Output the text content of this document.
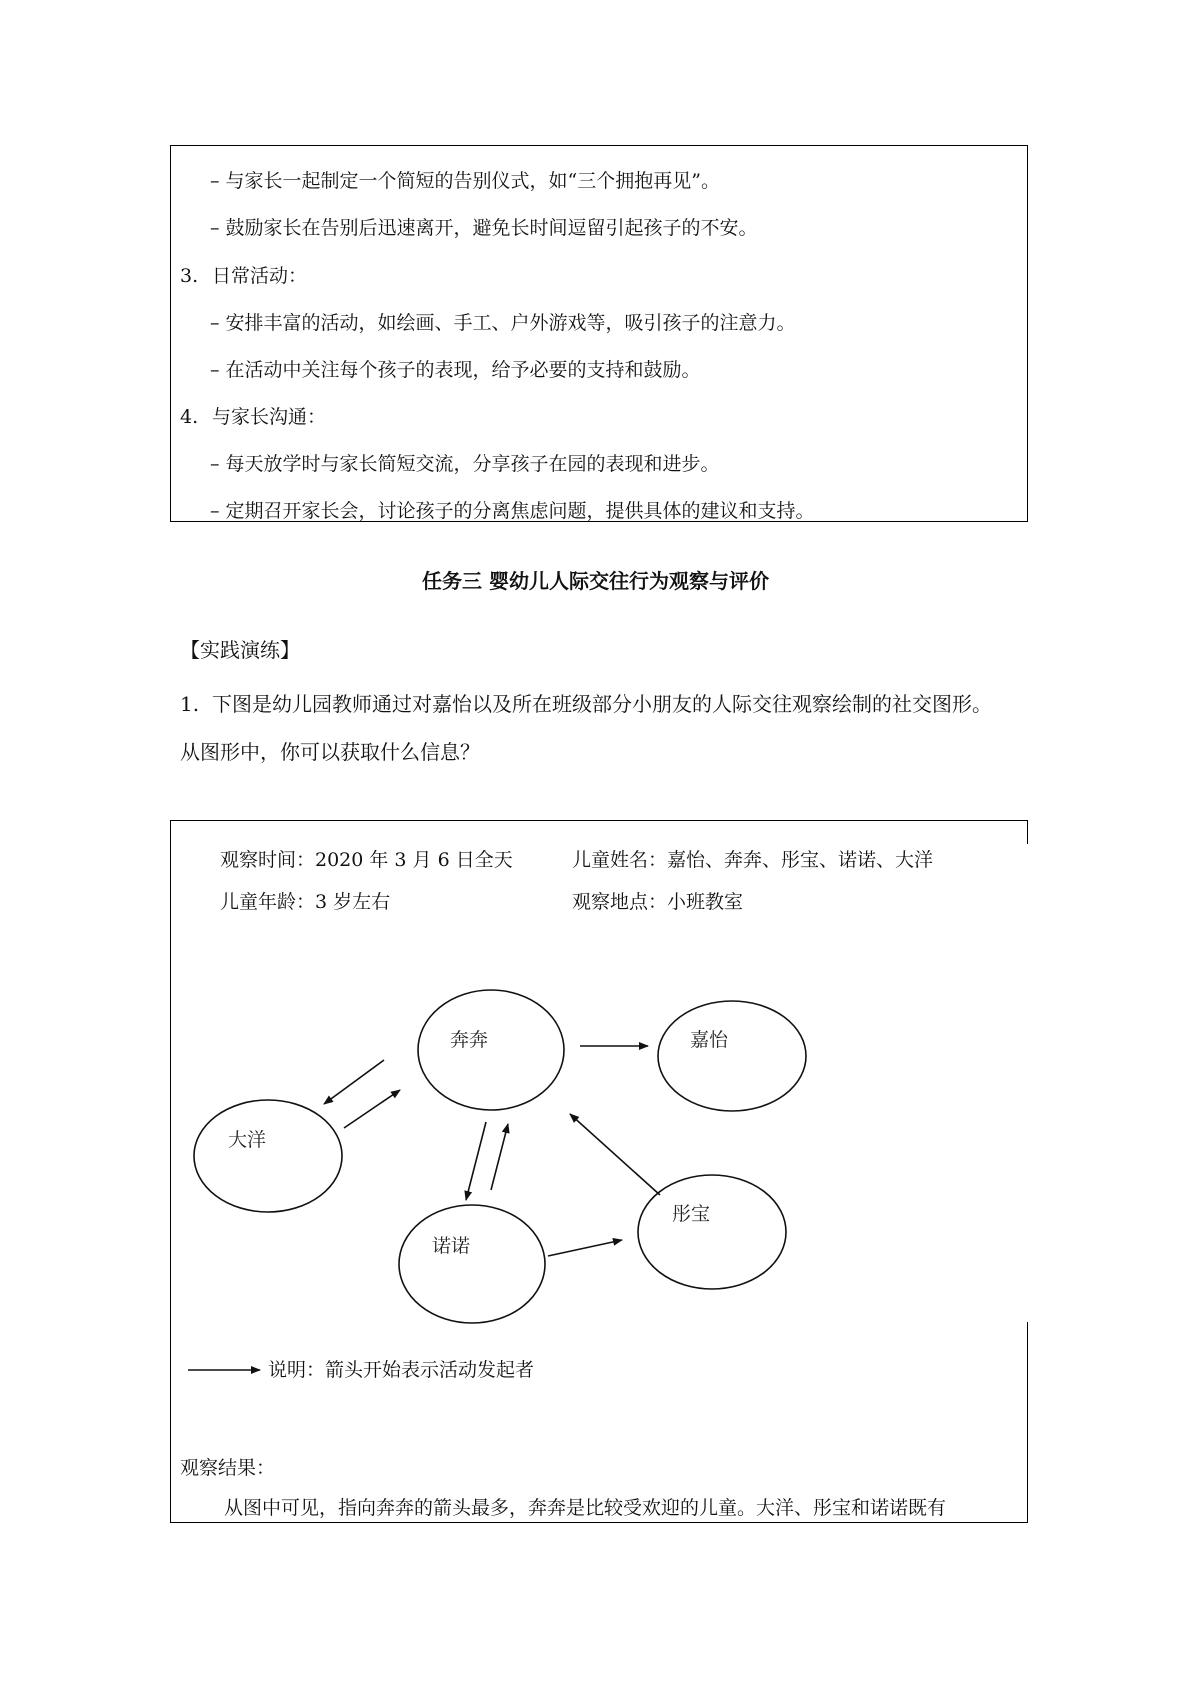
– 与家长一起制定一个简短的告别仪式，如“三个拥抱再见”。
– 鼓励家长在告别后迅速离开，避免长时间逗留引起孩子的不安。
3. 日常活动：
– 安排丰富的活动，如绘画、手工、户外游戏等，吸引孩子的注意力。
– 在活动中关注每个孩子的表现，给予必要的支持和鼓励。
4. 与家长沟通：
– 每天放学时与家长简短交流，分享孩子在园的表现和进步。
– 定期召开家长会，讨论孩子的分离焦虑问题，提供具体的建议和支持。
任务三 婴幼儿人际交往行为观察与评价
【实践演练】
1. 下图是幼儿园教师通过对嘉怡以及所在班级部分小朋友的人际交往观察绘制的社交图形。
从图形中，你可以获取什么信息？
观察时间：2020 年 3 月 6 日全天	儿童姓名：嘉怡、奔奔、彤宝、诺诺、大洋
儿童年龄：3 岁左右	观察地点：小班教室
奔奔	嘉怡
大洋
诺诺
彤宝
说明：箭头开始表示活动发起者
观察结果：
从图中可见，指向奔奔的箭头最多，奔奔是比较受欢迎的儿童。大洋、彤宝和诺诺既有
